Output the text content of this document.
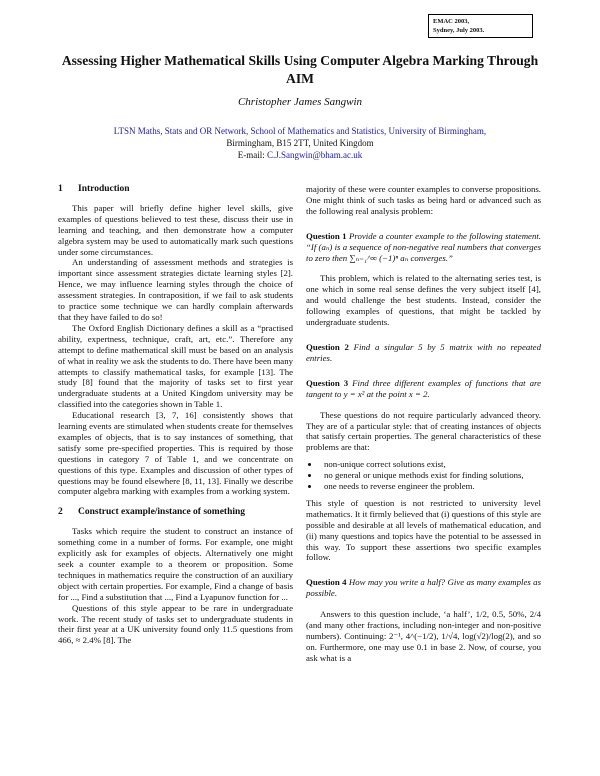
EMAC 2003,
Sydney, July 2003.
Assessing Higher Mathematical Skills Using Computer Algebra Marking Through AIM
Christopher James Sangwin
LTSN Maths, Stats and OR Network, School of Mathematics and Statistics, University of Birmingham,
Birmingham, B15 2TT, United Kingdom
E-mail: C.J.Sangwin@bham.ac.uk
1 Introduction

This paper will briefly define higher level skills, give examples of questions believed to test these, discuss their use in learning and teaching, and then demonstrate how a computer algebra system may be used to automatically mark such questions under some circumstances.

An understanding of assessment methods and strategies is important since assessment strategies dictate learning styles [2]. Hence, we may influence learning styles through the choice of assessment strategies. In contraposition, if we fail to ask students to practice some technique we can hardly complain afterwards that they have failed to do so!

The Oxford English Dictionary defines a skill as a “practised ability, expertness, technique, craft, art, etc.”. Therefore any attempt to define mathematical skill must be based on an analysis of what in reality we ask the students to do. There have been many attempts to classify mathematical tasks, for example [13]. The study [8] found that the majority of tasks set to first year undergraduate students at a United Kingdom university may be classified into the categories shown in Table 1.

Educational research [3, 7, 16] consistently shows that learning events are stimulated when students create for themselves examples of objects, that is to say instances of something, that satisfy some pre-specified properties. This is required by those questions in category 7 of Table 1, and we concentrate on questions of this type. Examples and discussion of other types of questions may be found elsewhere [8, 11, 13]. Finally we describe computer algebra marking with examples from a working system.

2 Construct example/instance of something

Tasks which require the student to construct an instance of something come in a number of forms. For example, one might explicitly ask for examples of objects. Alternatively one might seek a counter example to a theorem or proposition. Some techniques in mathematics require the construction of an auxiliary object with certain properties. For example, Find a change of basis for ..., Find a substitution that ..., Find a Lyapunov function for ...

Questions of this style appear to be rare in undergraduate work. The recent study of tasks set to undergraduate students in their first year at a UK university found only 11.5 questions from 466, ≈ 2.4% [8]. The

majority of these were counter examples to converse propositions. One might think of such tasks as being hard or advanced such as the following real analysis problem:

Question 1 Provide a counter example to the following statement. “If (aₙ) is a sequence of non-negative real numbers that converges to zero then ∑ₙ₌₁^∞ (−1)ⁿ aₙ converges.”

This problem, which is related to the alternating series test, is one which in some real sense defines the very subject itself [4], and would challenge the best students. Instead, consider the following examples of questions, that might be tackled by undergraduate students.

Question 2 Find a singular 5 by 5 matrix with no repeated entries.

Question 3 Find three different examples of functions that are tangent to y = x² at the point x = 2.

These questions do not require particularly advanced theory. They are of a particular style: that of creating instances of objects that satisfy certain properties. The general characteristics of these problems are that:

• non-unique correct solutions exist,
• no general or unique methods exist for finding solutions,
• one needs to reverse engineer the problem.

This style of question is not restricted to university level mathematics. It it firmly believed that (i) questions of this style are possible and desirable at all levels of mathematical education, and (ii) many questions and topics have the potential to be assessed in this way. To support these assertions two specific examples follow.

Question 4 How may you write a half? Give as many examples as possible.

Answers to this question include, ‘a half’, 1/2, 0.5, 50%, 2/4 (and many other fractions, including non-integer and non-positive numbers). Continuing: 2⁻¹, 4^(−1/2), 1/√4, log(√2)/log(2), and so on. Furthermore, one may use 0.1 in base 2. Now, of course, you ask what is a
